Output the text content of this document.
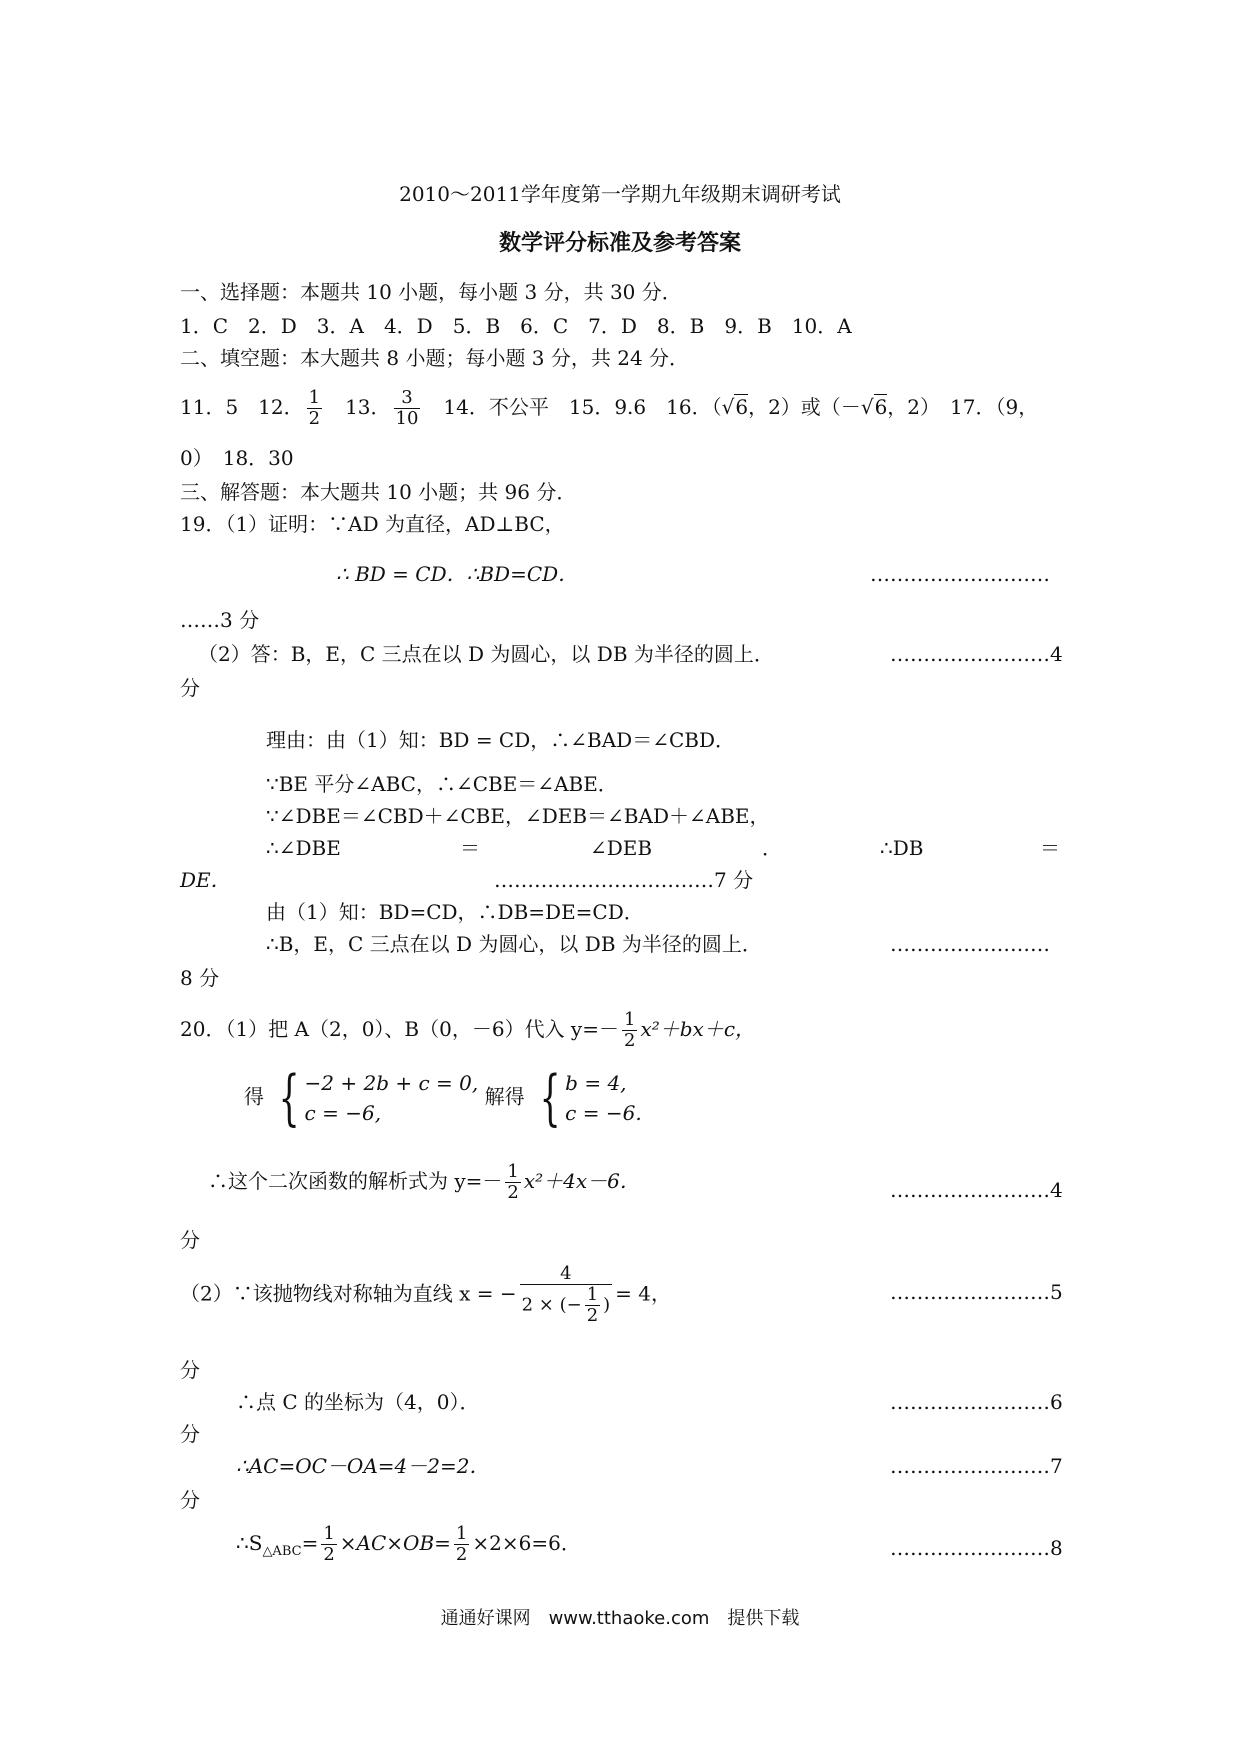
2010～2011学年度第一学期九年级期末调研考试
数学评分标准及参考答案
一、选择题：本题共 10 小题，每小题 3 分，共 30 分．
1．C　2．D　3．A　4．D　5．B　6．C　7．D　8．B　9．B　10．A
二、填空题：本大题共 8 小题；每小题 3 分，共 24 分．
11．5　12． $\frac{1}{2}$ 　13． $\frac{3}{10}$ 　14．不公平　15．9.6　16．（√6，2）或（－√6，2）　17．（9，
0）　18．30
三、解答题：本大题共 10 小题；共 96 分．
19．（1）证明：∵AD 为直径，AD⊥BC，
∴ BD = CD．∴BD=CD．	………………………
……3 分
（2）答：B，E，C 三点在以 D 为圆心，以 DB 为半径的圆上．	……………………4
分
理由：由（1）知：BD = CD，∴∠BAD＝∠CBD．
∵BE 平分∠ABC，∴∠CBE＝∠ABE．
∵∠DBE＝∠CBD＋∠CBE，∠DEB＝∠BAD＋∠ABE，
∴∠DBE	＝	∠DEB	．	∴DB	＝
DE．	……………………………7 分
由（1）知：BD=CD，∴DB=DE=CD．
∴B，E，C 三点在以 D 为圆心，以 DB 为半径的圆上．	……………………
8 分
20．（1）把 A（2，0）、B（0，－6）代入 $y=- \frac{1}{2} x^2+bx+c$，
得 { −2 + 2b + c = 0,
c = −6,
解得 { b = 4,
c = −6.
∴这个二次函数的解析式为 $y=- \frac{1}{2} x^2+4x-6$．	……………………4
分
（2）∵该抛物线对称轴为直线 x = − $\frac{4}{2 \times (- \frac{1}{2} )} = 4$，	……………………5
分
∴点 C 的坐标为（4，0）．	……………………6
分
∴AC=OC－OA=4－2=2．	……………………7
分
$\therefore S_{\triangle ABC}= \frac{1}{2} \times AC\times OB= \frac{1}{2} \times 2\times 6=6$．	……………………8
通通好课网　www.tthaoke.com　提供下载
